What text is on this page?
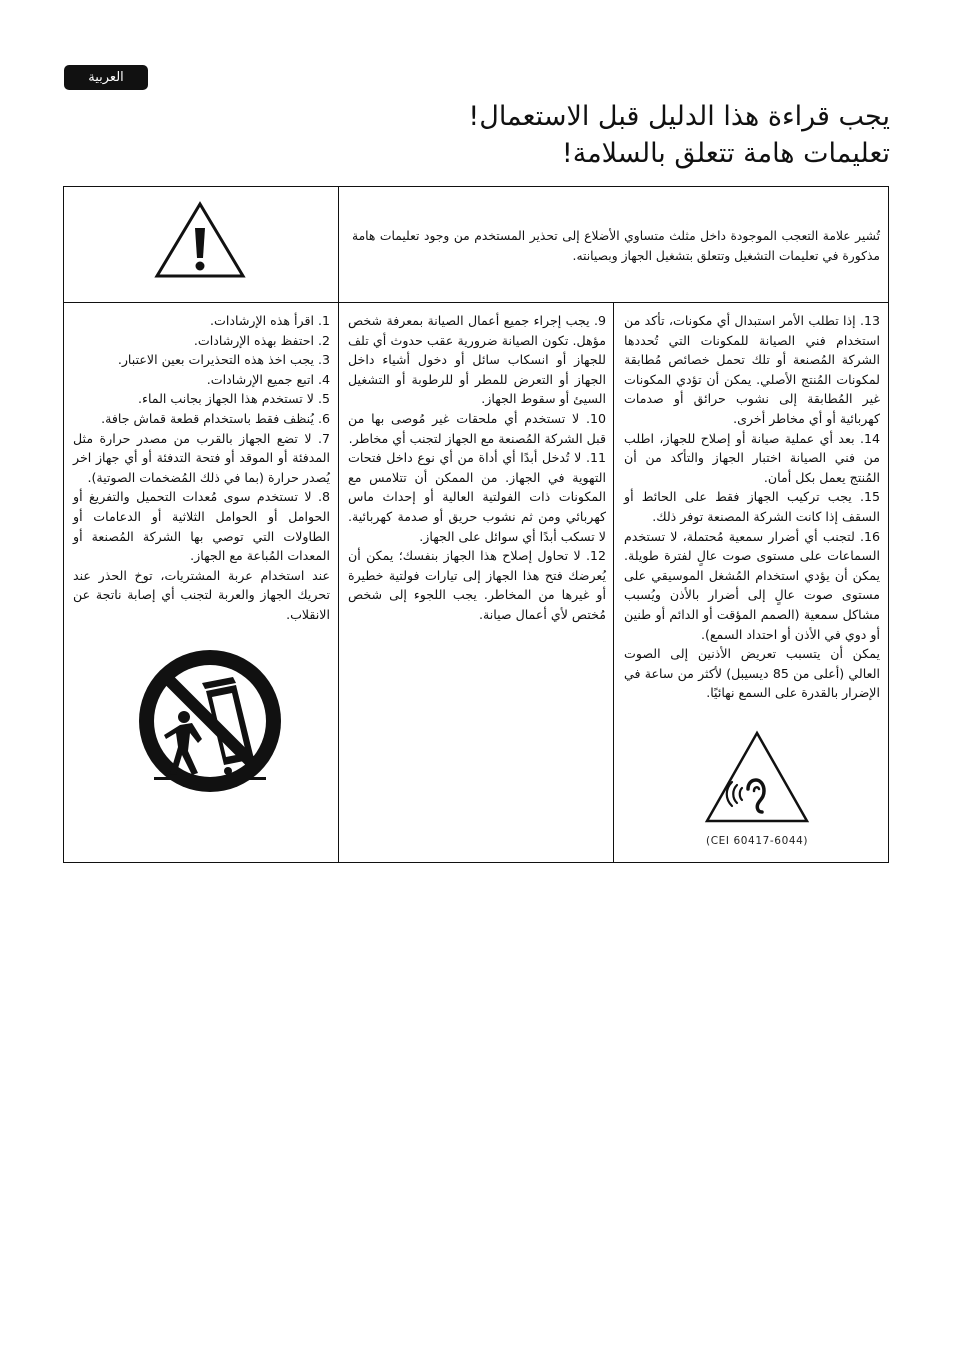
العربية
يجب قراءة هذا الدليل قبل الاستعمال!
تعليمات هامة تتعلق بالسلامة!
تُشير علامة التعجب الموجودة داخل مثلث متساوي الأضلاع إلى تحذير المستخدم من وجود تعليمات هامة مذكورة في تعليمات التشغيل وتتعلق بتشغيل الجهاز وبصيانته.

13. إذا تطلب الأمر استبدال أي مكونات، تأكد من استخدام فني الصيانة للمكونات التي تُحددها الشركة المُصنعة أو تلك تحمل خصائص مُطابقة لمكونات المُنتج الأصلي. يمكن أن تؤدي المكونات غير المُطابقة إلى نشوب حرائق أو صدمات كهربائية أو أي مخاطر أخرى.

14. بعد أي عملية صيانة أو إصلاح للجهاز، اطلب من فني الصيانة اختبار الجهاز والتأكد من أن المُنتج يعمل بكل أمان.

15. يجب تركيب الجهاز فقط على الحائط أو السقف إذا كانت الشركة المصنعة توفر ذلك.

16. لتجنب أي أضرار سمعية مُحتملة، لا تستخدم السماعات على مستوى صوت عالٍ لفترة طويلة. يمكن أن يؤدي استخدام المُشغل الموسيقي على مستوى صوت عالٍ إلى أضرار بالأذن ويُسبب مشاكل سمعية (الصمم المؤقت أو الدائم أو طنين أو دوي في الأذن أو احتداد السمع).

يمكن أن يتسبب تعريض الأذنين إلى الصوت العالي (أعلى من 85 ديسيبل) لأكثر من ساعة في الإضرار بالقدرة على السمع نهائيًا.

9. يجب إجراء جميع أعمال الصيانة بمعرفة شخص مؤهل. تكون الصيانة ضرورية عقب حدوث أي تلف للجهاز أو انسكاب سائل أو دخول أشياء داخل الجهاز أو التعرض للمطر أو للرطوبة أو التشغيل السيئ أو سقوط الجهاز.

10. لا تستخدم أي ملحقات غير مُوصى بها من قبل الشركة المُصنعة مع الجهاز لتجنب أي مخاطر.

11. لا تُدخل أبدًا أي أداة من أي نوع داخل فتحات التهوية في الجهاز. من الممكن أن تتلامس مع المكونات ذات الفولتية العالية أو إحداث ماس كهربائي ومن ثم نشوب حريق أو صدمة كهربائية. لا تسكب أبدًا أي سوائل على الجهاز.

12. لا تحاول إصلاح هذا الجهاز بنفسك؛ يمكن أن يُعرضك فتح هذا الجهاز إلى تيارات فولتية خطيرة أو غيرها من المخاطر. يجب اللجوء إلى شخص مُختص لأي أعمال صيانة.

1. اقرأ هذه الإرشادات.

2. احتفظ بهذه الإرشادات.

3. يجب اخذ هذه التحذيرات بعين الاعتبار.

4. اتبع جميع الإرشادات.

5. لا تستخدم هذا الجهاز بجانب الماء.

6. يُنظف فقط باستخدام قطعة قماش جافة.

7. لا تضع الجهاز بالقرب من مصدر حرارة مثل المدفئة أو الموقد أو فتحة التدفئة أو أي جهاز اخر يُصدر حرارة (بما في ذلك المُضخمات الصوتية).

8. لا تستخدم سوى مُعدات التحميل والتفريغ أو الحوامل أو الحوامل الثلاثية أو الدعامات أو الطاولات التي توصي بها الشركة المُصنعة أو المعدات المُباعة مع الجهاز.

عند استخدام عربة المشتريات، توخ الحذر عند تحريك الجهاز والعربة لتجنب أي إصابة ناتجة عن الانقلاب.

(CEI 60417-6044)
